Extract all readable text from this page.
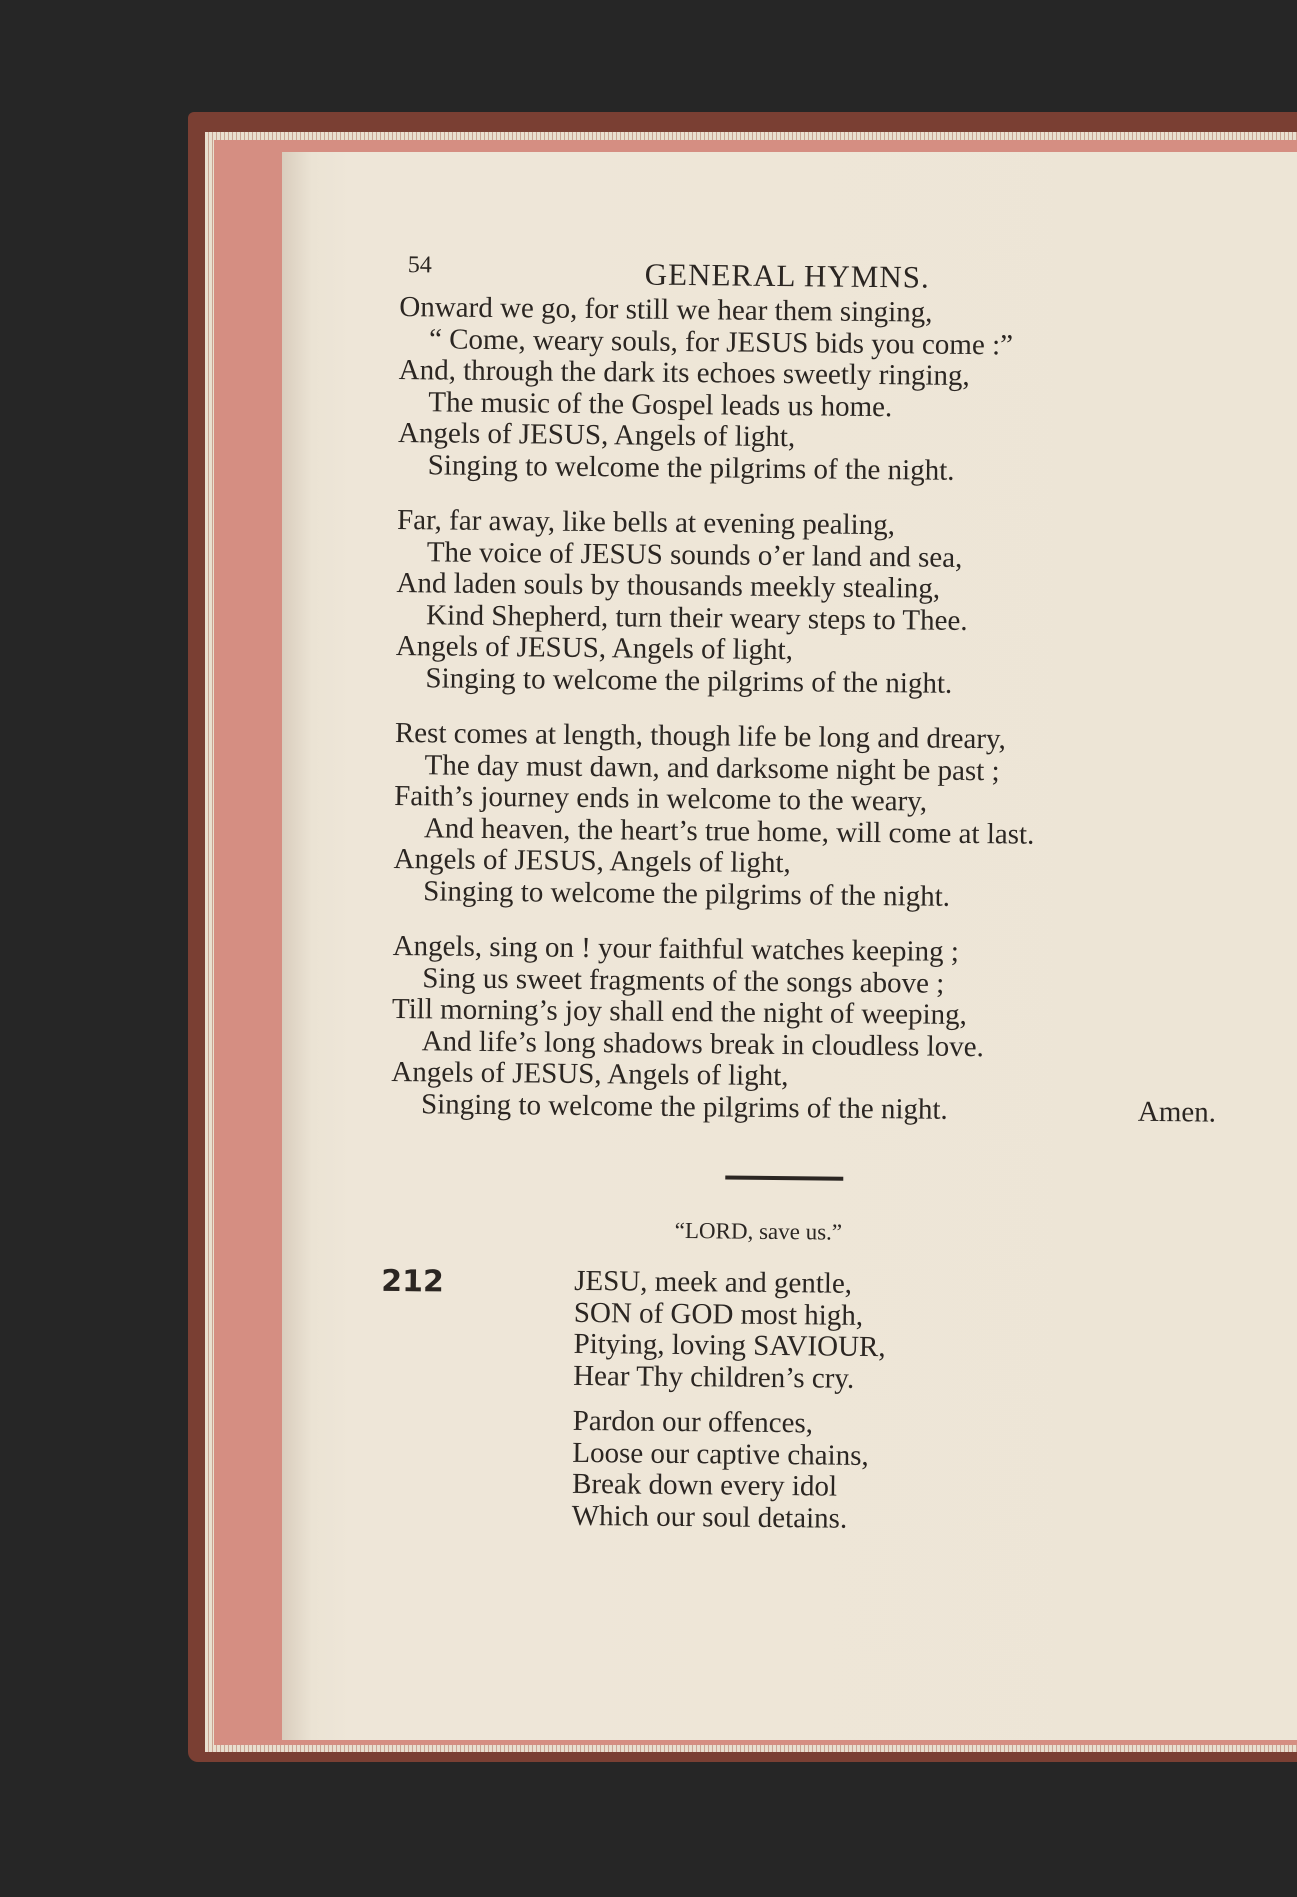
54	GENERAL HYMNS.
Onward we go, for still we hear them singing,
“ Come, weary souls, for JESUS bids you come :”
And, through the dark its echoes sweetly ringing,
The music of the Gospel leads us home.
Angels of JESUS, Angels of light,
Singing to welcome the pilgrims of the night.
Far, far away, like bells at evening pealing,
The voice of JESUS sounds o’er land and sea,
And laden souls by thousands meekly stealing,
Kind Shepherd, turn their weary steps to Thee.
Angels of JESUS, Angels of light,
Singing to welcome the pilgrims of the night.
Rest comes at length, though life be long and dreary,
The day must dawn, and darksome night be past ;
Faith’s journey ends in welcome to the weary,
And heaven, the heart’s true home, will come at last.
Angels of JESUS, Angels of light,
Singing to welcome the pilgrims of the night.
Angels, sing on ! your faithful watches keeping ;
Sing us sweet fragments of the songs above ;
Till morning’s joy shall end the night of weeping,
And life’s long shadows break in cloudless love.
Angels of JESUS, Angels of light,
Singing to welcome the pilgrims of the night.	Amen.
“LORD, save us.”
212	JESU, meek and gentle,
SON of GOD most high,
Pitying, loving SAVIOUR,
Hear Thy children’s cry.
Pardon our offences,
Loose our captive chains,
Break down every idol
Which our soul detains.
